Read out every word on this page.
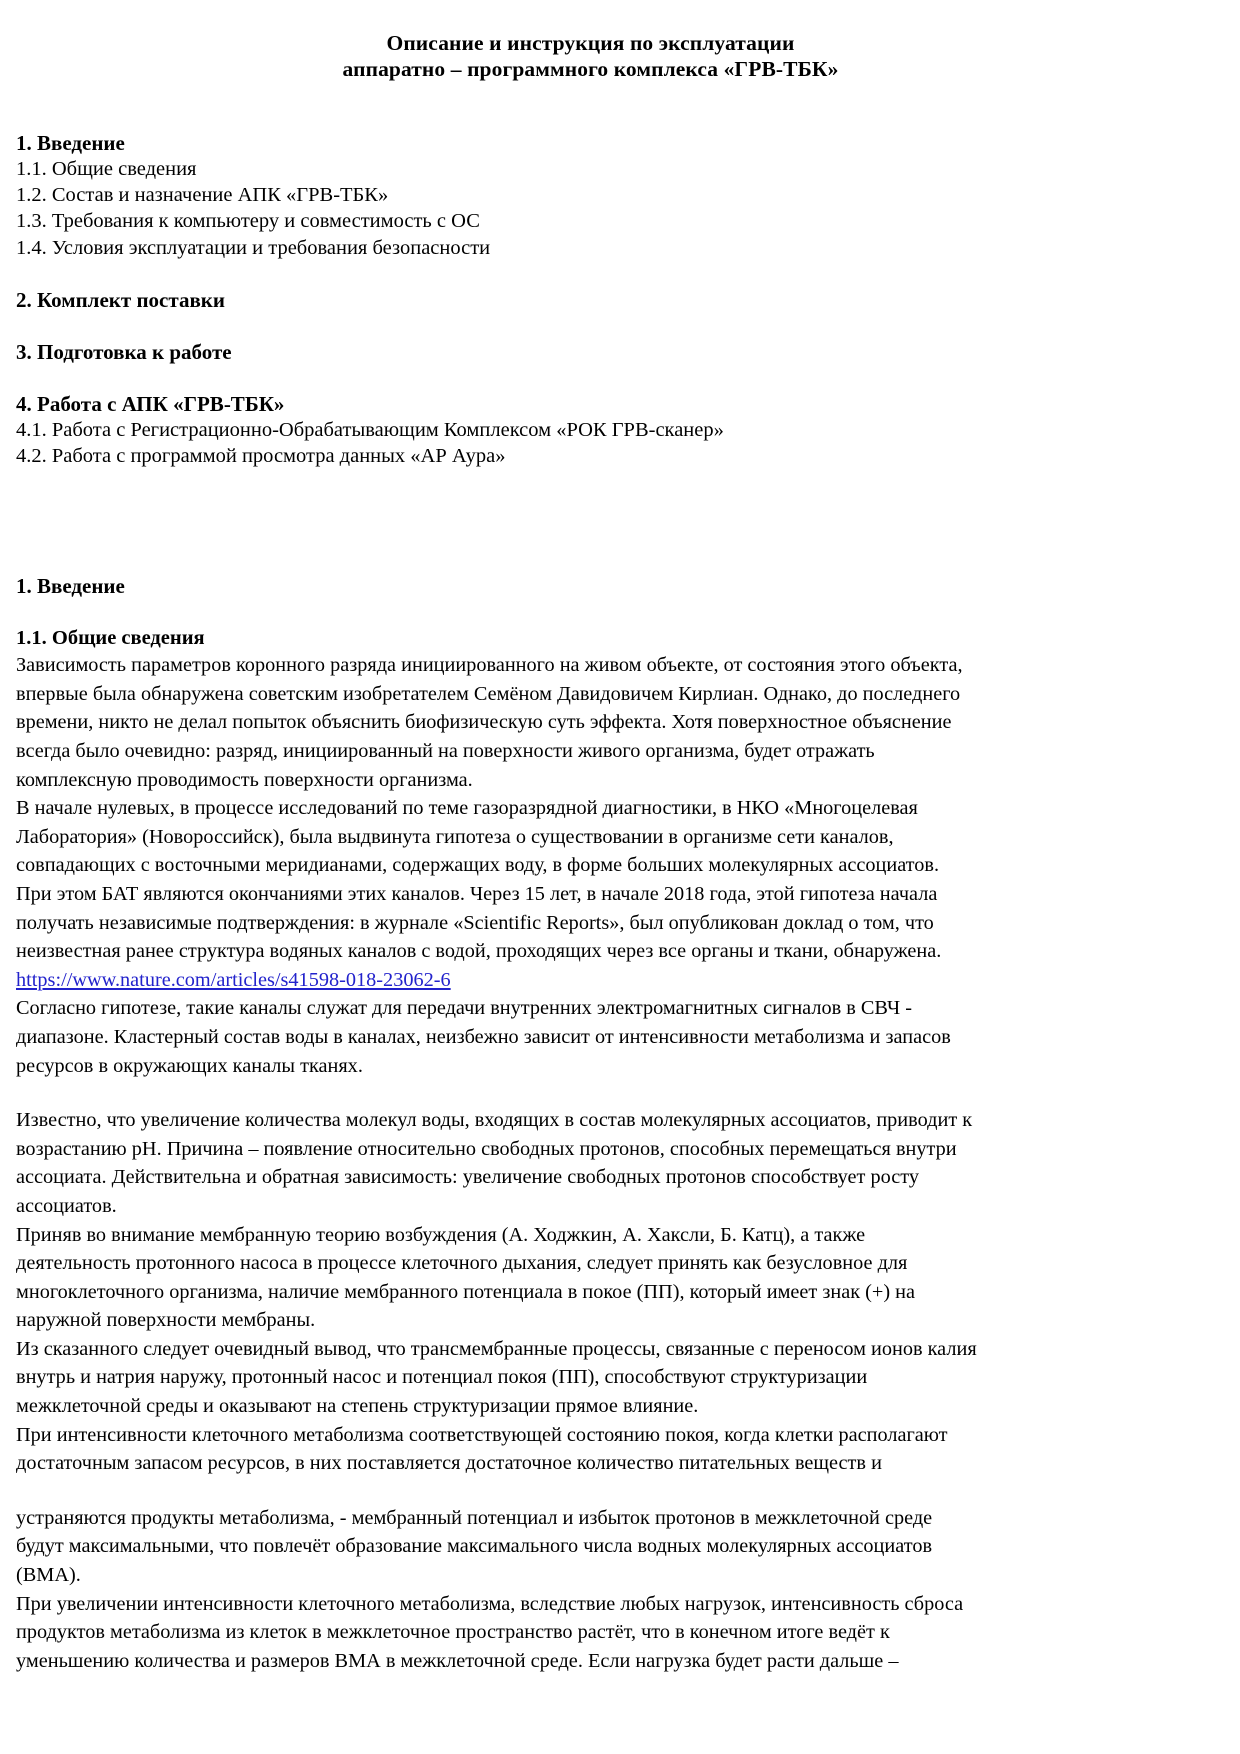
Описание и инструкция по эксплуатации
аппаратно – программного комплекса «ГРВ-ТБК»
1. Введение
1.1. Общие сведения
1.2. Состав и назначение АПК «ГРВ-ТБК»
1.3. Требования к компьютеру и совместимость с ОС
1.4. Условия эксплуатации и требования безопасности
2. Комплект поставки
3. Подготовка к работе
4. Работа с АПК «ГРВ-ТБК»
4.1. Работа с Регистрационно-Обрабатывающим Комплексом «РОК ГРВ-сканер»
4.2. Работа с программой просмотра данных «АР Аура»
1. Введение
1.1. Общие сведения
Зависимость параметров коронного разряда инициированного на живом объекте, от состояния этого объекта,
впервые была обнаружена советским изобретателем Семёном Давидовичем Кирлиан. Однако, до последнего
времени, никто не делал попыток объяснить биофизическую суть эффекта. Хотя поверхностное объяснение
всегда было очевидно: разряд, инициированный на поверхности живого организма, будет отражать
комплексную проводимость поверхности организма.
В начале нулевых, в процессе исследований по теме газоразрядной диагностики, в НКО «Многоцелевая
Лаборатория» (Новороссийск), была выдвинута гипотеза о существовании в организме сети каналов,
совпадающих с восточными меридианами, содержащих воду, в форме больших молекулярных ассоциатов.
При этом БАТ являются окончаниями этих каналов. Через 15 лет, в начале 2018 года, этой гипотеза начала
получать независимые подтверждения: в журнале «Scientific Reports», был опубликован доклад о том, что
неизвестная ранее структура водяных каналов с водой, проходящих через все органы и ткани, обнаружена.
https://www.nature.com/articles/s41598-018-23062-6
Согласно гипотезе, такие каналы служат для передачи внутренних электромагнитных сигналов в СВЧ -
диапазоне. Кластерный состав воды в каналах, неизбежно зависит от интенсивности метаболизма и запасов
ресурсов в окружающих каналы тканях.
Известно, что увеличение количества молекул воды, входящих в состав молекулярных ассоциатов, приводит к
возрастанию pH. Причина – появление относительно свободных протонов, способных перемещаться внутри
ассоциата. Действительна и обратная зависимость: увеличение свободных протонов способствует росту
ассоциатов.
Приняв во внимание мембранную теорию возбуждения (А. Ходжкин, А. Хаксли, Б. Катц), а также
деятельность протонного насоса в процессе клеточного дыхания, следует принять как безусловное для
многоклеточного организма, наличие мембранного потенциала в покое (ПП), который имеет знак (+) на
наружной поверхности мембраны.
Из сказанного следует очевидный вывод, что трансмембранные процессы, связанные с переносом ионов калия
внутрь и натрия наружу, протонный насос и потенциал покоя (ПП), способствуют структуризации
межклеточной среды и оказывают на степень структуризации прямое влияние.
При интенсивности клеточного метаболизма соответствующей состоянию покоя, когда клетки располагают
достаточным запасом ресурсов, в них поставляется достаточное количество питательных веществ и
устраняются продукты метаболизма, - мембранный потенциал и избыток протонов в межклеточной среде
будут максимальными, что повлечёт образование максимального числа водных молекулярных ассоциатов
(ВМА).
При увеличении интенсивности клеточного метаболизма, вследствие любых нагрузок, интенсивность сброса
продуктов метаболизма из клеток в межклеточное пространство растёт, что в конечном итоге ведёт к
уменьшению количества и размеров ВМА в межклеточной среде. Если нагрузка будет расти дальше –
